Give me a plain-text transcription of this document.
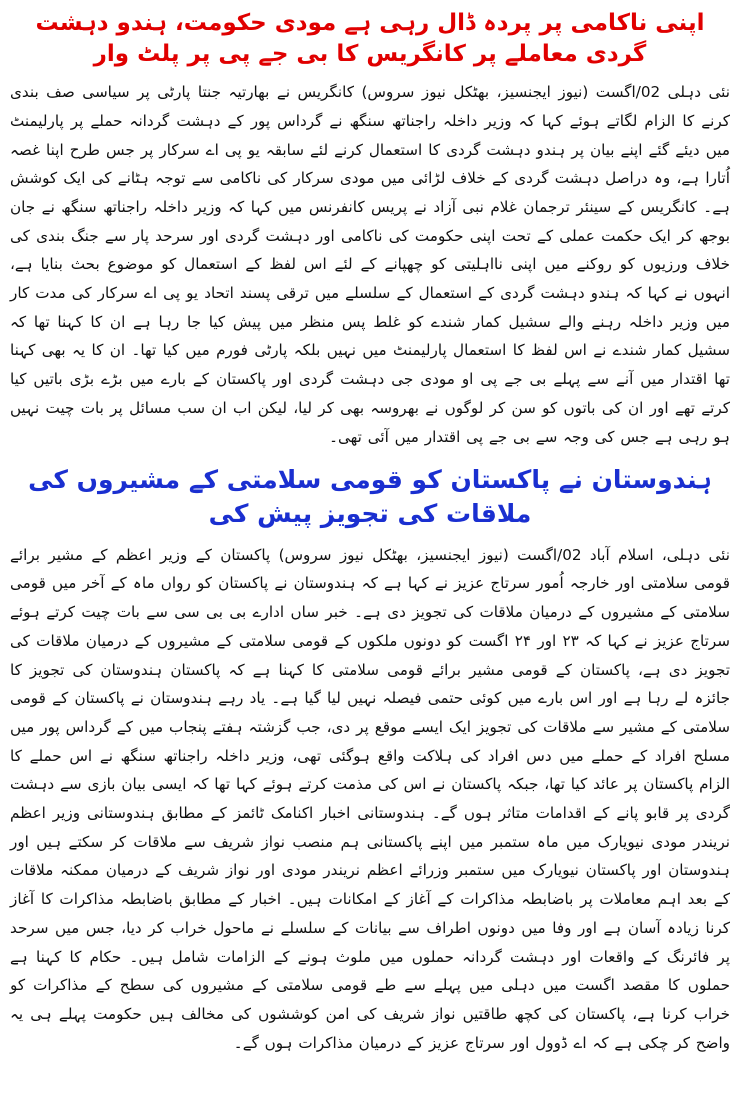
اپنی ناکامی پر پردہ ڈال رہی ہے مودی حکومت، ہندو دہشت گردی معاملے پر کانگریس کا بی جے پی پر پلٹ وار

نئی دہلی 02/اگست (نیوز ایجنسیز، بھٹکل نیوز سروس) کانگریس نے بھارتیہ جنتا پارٹی پر سیاسی صف بندی کرنے کا الزام لگاتے ہوئے کہا کہ وزیر داخلہ راجناتھ سنگھ نے گرداس پور کے دہشت گردانہ حملے پر پارلیمنٹ میں دیئے گئے اپنے بیان پر ہندو دہشت گردی کا استعمال کرنے لئے سابقہ یو پی اے سرکار پر جس طرح اپنا غصہ اُتارا ہے، وہ دراصل دہشت گردی کے خلاف لڑائی میں مودی سرکار کی ناکامی سے توجہ ہٹانے کی ایک کوشش ہے۔ کانگریس کے سینئر ترجمان غلام نبی آزاد نے پریس کانفرنس میں کہا کہ وزیر داخلہ راجناتھ سنگھ نے جان بوجھ کر ایک حکمت عملی کے تحت اپنی حکومت کی ناکامی اور دہشت گردی اور سرحد پار سے جنگ بندی کی خلاف ورزیوں کو روکنے میں اپنی نااہلیتی کو چھپانے کے لئے اس لفظ کے استعمال کو موضوع بحث بنایا ہے، انہوں نے کہا کہ ہندو دہشت گردی کے استعمال کے سلسلے میں ترقی پسند اتحاد یو پی اے سرکار کی مدت کار میں وزیر داخلہ رہنے والے سشیل کمار شندے کو غلط پس منظر میں پیش کیا جا رہا ہے ان کا کہنا تھا کہ سشیل کمار شندے نے اس لفظ کا استعمال پارلیمنٹ میں نہیں بلکہ پارٹی فورم میں کیا تھا۔ ان کا یہ بھی کہنا تھا اقتدار میں آنے سے پہلے بی جے پی او مودی جی دہشت گردی اور پاکستان کے بارے میں بڑے بڑی باتیں کیا کرتے تھے اور ان کی باتوں کو سن کر لوگوں نے بھروسہ بھی کر لیا، لیکن اب ان سب مسائل پر بات چیت نہیں ہو رہی ہے جس کی وجہ سے بی جے پی اقتدار میں آئی تھی۔

ہندوستان نے پاکستان کو قومی سلامتی کے مشیروں کی ملاقات کی تجویز پیش کی

نئی دہلی، اسلام آباد 02/اگست (نیوز ایجنسیز، بھٹکل نیوز سروس) پاکستان کے وزیر اعظم کے مشیر برائے قومی سلامتی اور خارجہ اُمور سرتاج عزیز نے کہا ہے کہ ہندوستان نے پاکستان کو رواں ماہ کے آخر میں قومی سلامتی کے مشیروں کے درمیان ملاقات کی تجویز دی ہے۔ خبر ساں ادارے بی بی سی سے بات چیت کرتے ہوئے سرتاج عزیز نے کہا کہ ۲۳ اور ۲۴ اگست کو دونوں ملکوں کے قومی سلامتی کے مشیروں کے درمیان ملاقات کی تجویز دی ہے، پاکستان کے قومی مشیر برائے قومی سلامتی کا کہنا ہے کہ پاکستان ہندوستان کی تجویز کا جائزہ لے رہا ہے اور اس بارے میں کوئی حتمی فیصلہ نہیں لیا گیا ہے۔ یاد رہے ہندوستان نے پاکستان کے قومی سلامتی کے مشیر سے ملاقات کی تجویز ایک ایسے موقع پر دی، جب گزشتہ ہفتے پنجاب میں کے گرداس پور میں مسلح افراد کے حملے میں دس افراد کی ہلاکت واقع ہوگئی تھی، وزیر داخلہ راجناتھ سنگھ نے اس حملے کا الزام پاکستان پر عائد کیا تھا، جبکہ پاکستان نے اس کی مذمت کرتے ہوئے کہا تھا کہ ایسی بیان بازی سے دہشت گردی پر قابو پانے کے اقدامات متاثر ہوں گے۔ ہندوستانی اخبار اکنامک ٹائمز کے مطابق ہندوستانی وزیر اعظم نریندر مودی نیویارک میں ماہ ستمبر میں اپنے پاکستانی ہم منصب نواز شریف سے ملاقات کر سکتے ہیں اور ہندوستان اور پاکستان نیویارک میں ستمبر وزرائے اعظم نریندر مودی اور نواز شریف کے درمیان ممکنہ ملاقات کے بعد اہم معاملات پر باضابطہ مذاکرات کے آغاز کے امکانات ہیں۔ اخبار کے مطابق باضابطہ مذاکرات کا آغاز کرنا زیادہ آسان ہے اور وفا میں دونوں اطراف سے بیانات کے سلسلے نے ماحول خراب کر دیا، جس میں سرحد پر فائرنگ کے واقعات اور دہشت گردانہ حملوں میں ملوث ہونے کے الزامات شامل ہیں۔ حکام کا کہنا ہے حملوں کا مقصد اگست میں دہلی میں پہلے سے طے قومی سلامتی کے مشیروں کی سطح کے مذاکرات کو خراب کرنا ہے، پاکستان کی کچھ طاقتیں نواز شریف کی امن کوششوں کی مخالف ہیں حکومت پہلے ہی یہ واضح کر چکی ہے کہ اے ڈوول اور سرتاج عزیز کے درمیان مذاکرات ہوں گے۔
